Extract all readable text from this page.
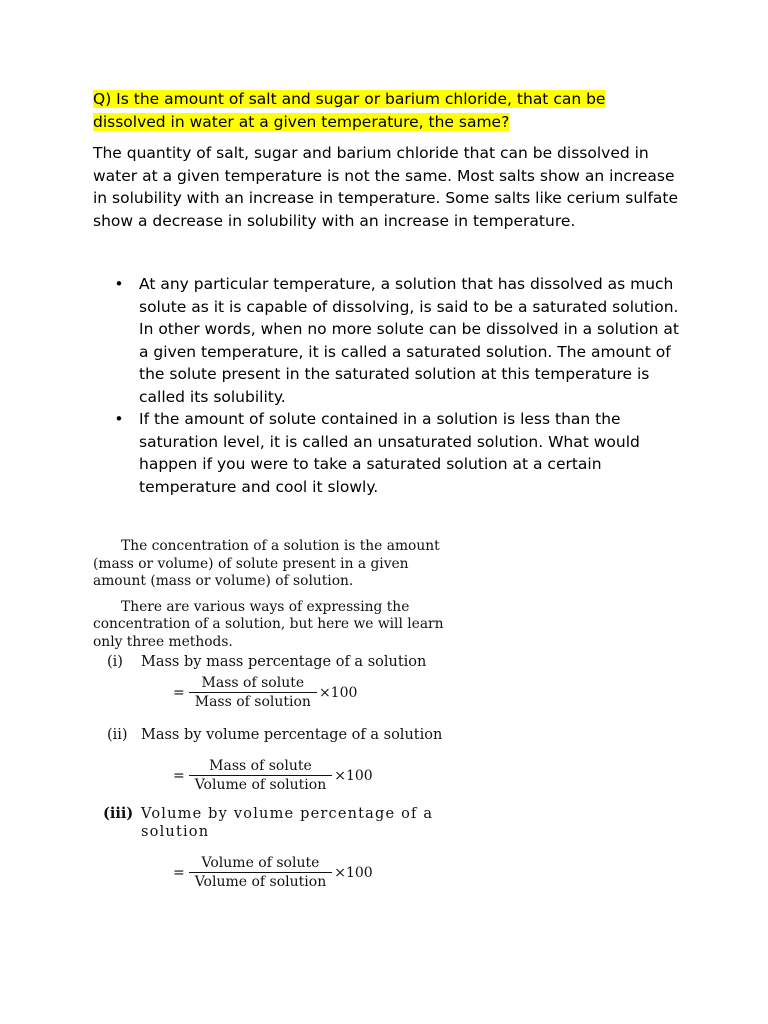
Q) Is the amount of salt and sugar or barium chloride, that can be dissolved in water at a given temperature, the same?

The quantity of salt, sugar and barium chloride that can be dissolved in water at a given temperature is not the same. Most salts show an increase in solubility with an increase in temperature. Some salts like cerium sulfate show a decrease in solubility with an increase in temperature.

• At any particular temperature, a solution that has dissolved as much solute as it is capable of dissolving, is said to be a saturated solution. In other words, when no more solute can be dissolved in a solution at a given temperature, it is called a saturated solution. The amount of the solute present in the saturated solution at this temperature is called its solubility.
• If the amount of solute contained in a solution is less than the saturation level, it is called an unsaturated solution. What would happen if you were to take a saturated solution at a certain temperature and cool it slowly.

The concentration of a solution is the amount (mass or volume) of solute present in a given amount (mass or volume) of solution.

There are various ways of expressing the concentration of a solution, but here we will learn only three methods.

(i)	Mass by mass percentage of a solution
= $\frac{\text{Mass of solute}}{\text{Mass of solution}} \times 100$
(ii) Mass by volume percentage of a solution
= $\frac{\text{Mass of solute}}{\text{Volume of solution}} \times 100$
(iii) Volume by volume percentage of a solution
= $\frac{\text{Volume of solute}}{\text{Volume of solution}} \times 100$
